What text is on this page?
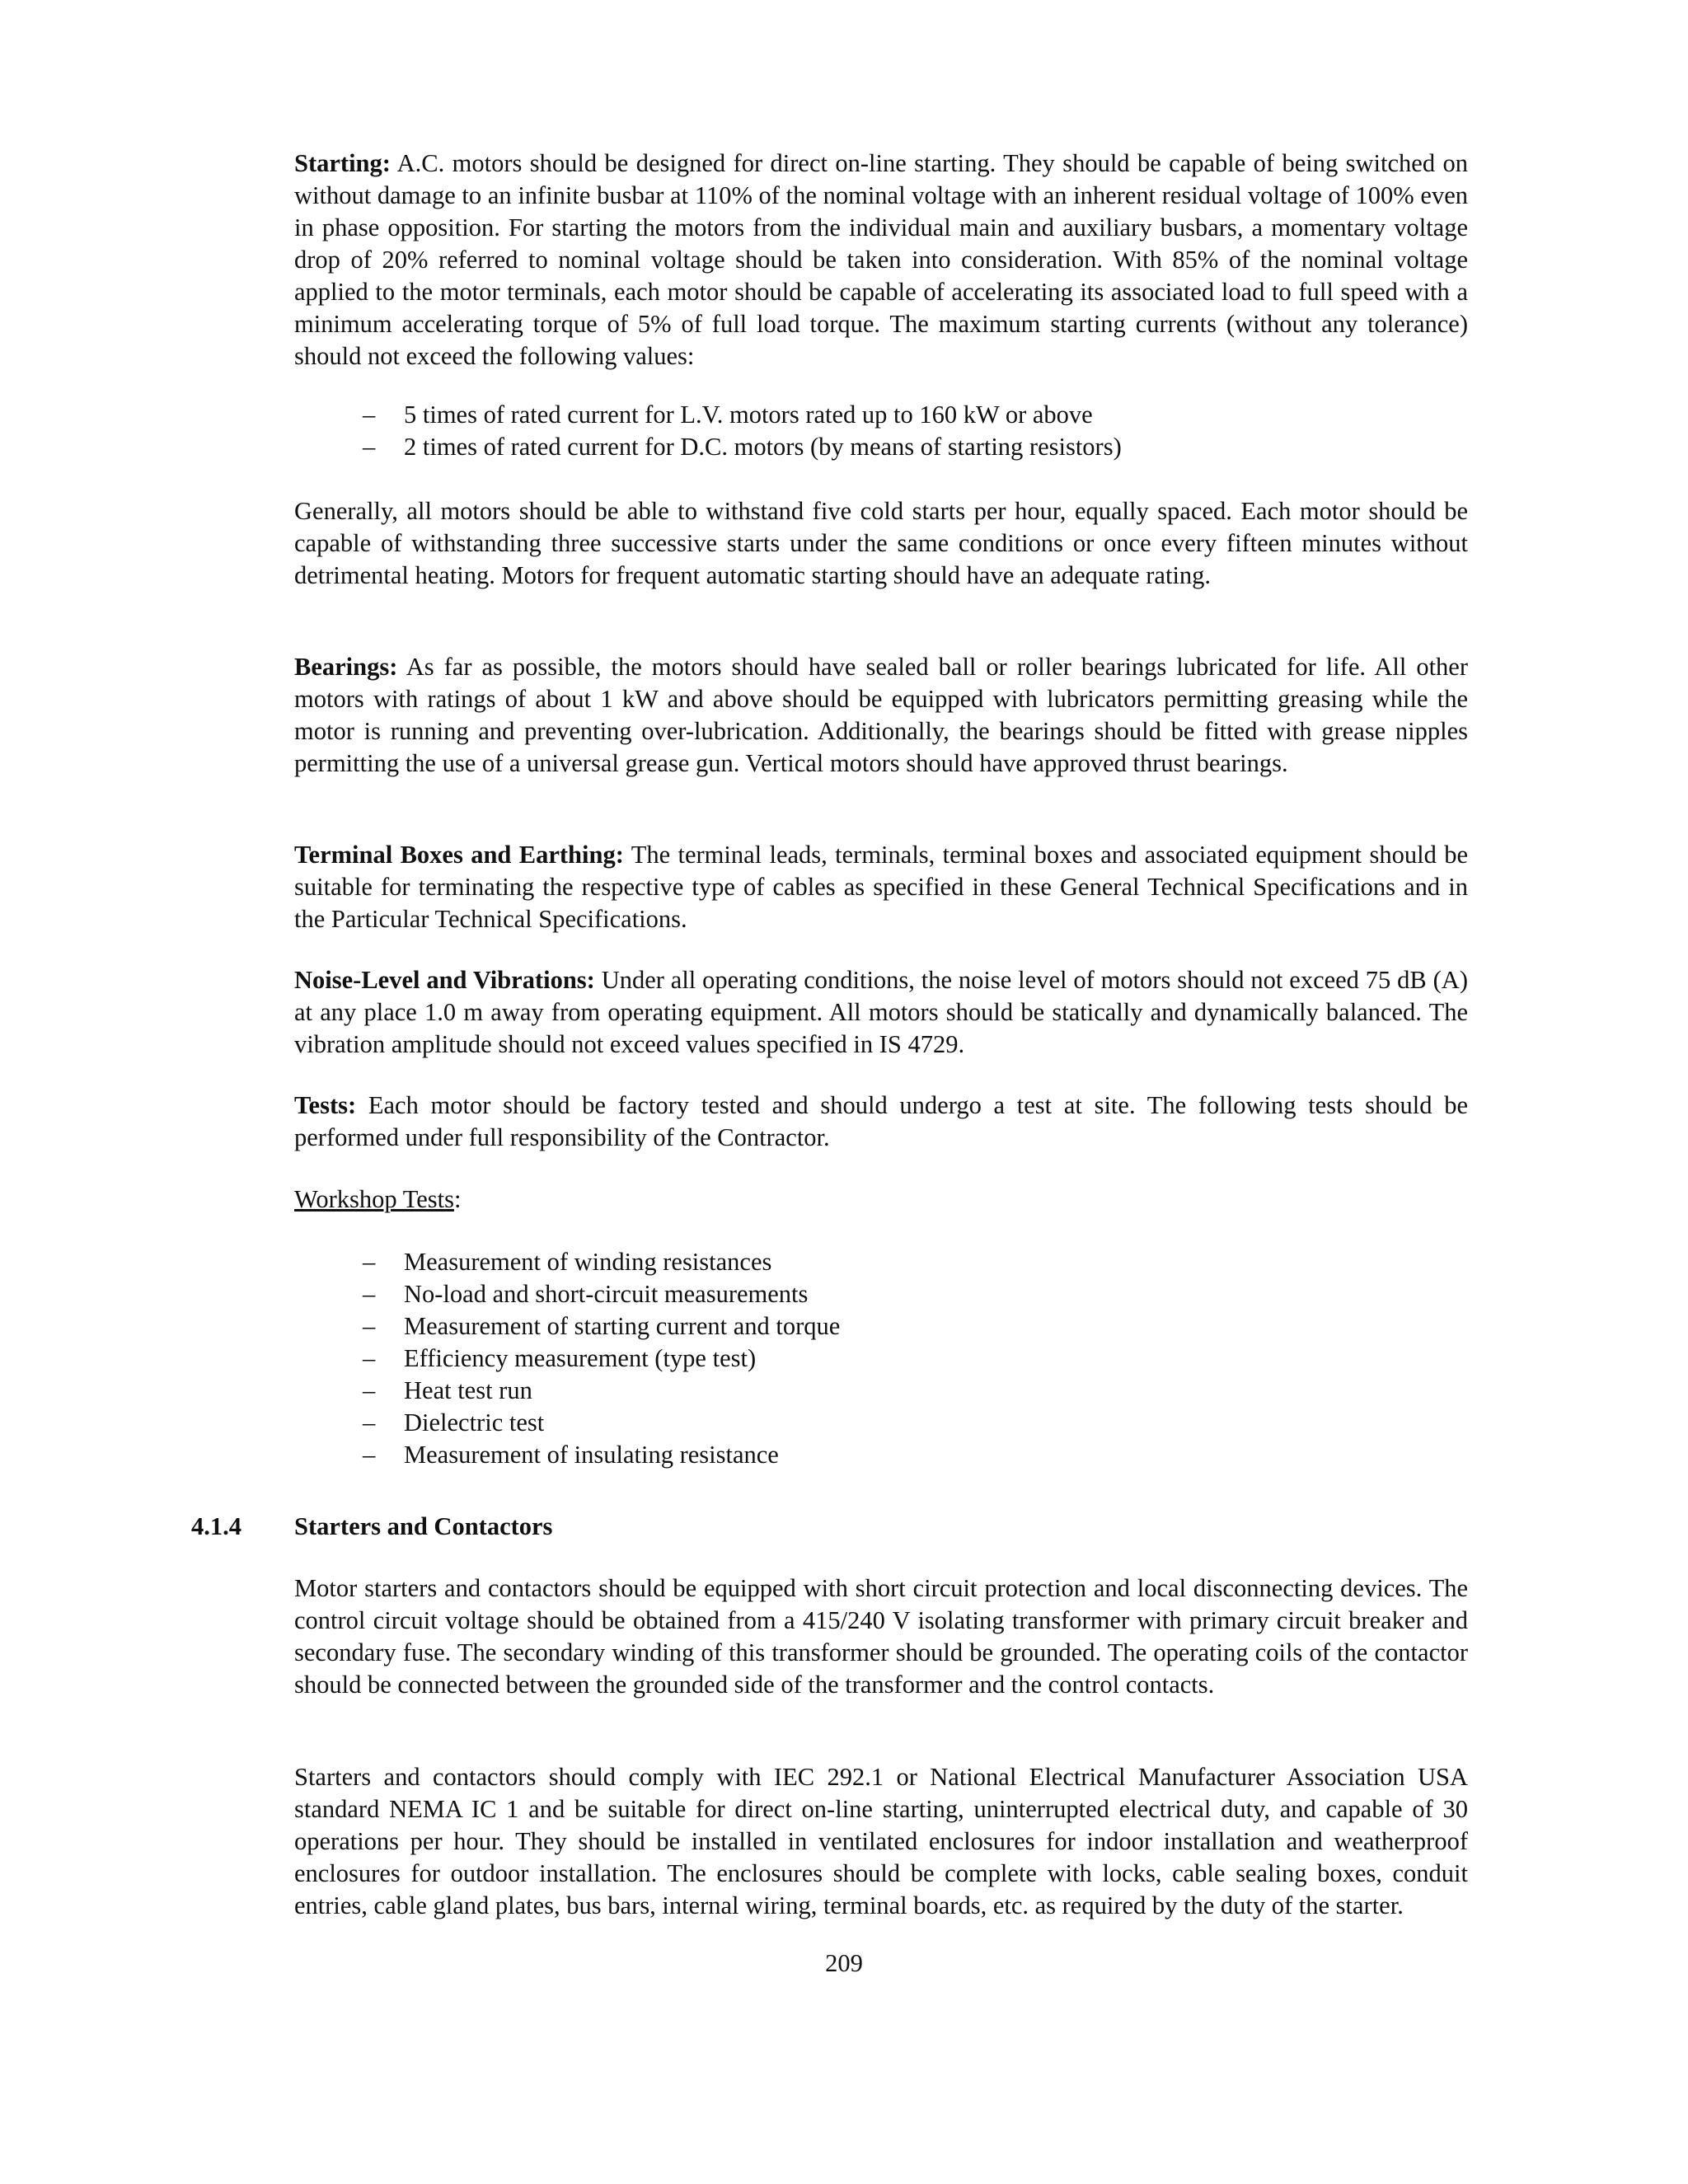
Starting: A.C. motors should be designed for direct on-line starting. They should be capable of being switched on without damage to an infinite busbar at 110% of the nominal voltage with an inherent residual voltage of 100% even in phase opposition. For starting the motors from the individual main and auxiliary busbars, a momentary voltage drop of 20% referred to nominal voltage should be taken into consideration. With 85% of the nominal voltage applied to the motor terminals, each motor should be capable of accelerating its associated load to full speed with a minimum accelerating torque of 5% of full load torque. The maximum starting currents (without any tolerance) should not exceed the following values:

– 5 times of rated current for L.V. motors rated up to 160 kW or above
– 2 times of rated current for D.C. motors (by means of starting resistors)

Generally, all motors should be able to withstand five cold starts per hour, equally spaced. Each motor should be capable of withstanding three successive starts under the same conditions or once every fifteen minutes without detrimental heating. Motors for frequent automatic starting should have an adequate rating.

Bearings: As far as possible, the motors should have sealed ball or roller bearings lubricated for life. All other motors with ratings of about 1 kW and above should be equipped with lubricators permitting greasing while the motor is running and preventing over-lubrication. Additionally, the bearings should be fitted with grease nipples permitting the use of a universal grease gun. Vertical motors should have approved thrust bearings.

Terminal Boxes and Earthing: The terminal leads, terminals, terminal boxes and associated equipment should be suitable for terminating the respective type of cables as specified in these General Technical Specifications and in the Particular Technical Specifications.

Noise-Level and Vibrations: Under all operating conditions, the noise level of motors should not exceed 75 dB (A) at any place 1.0 m away from operating equipment. All motors should be statically and dynamically balanced. The vibration amplitude should not exceed values specified in IS 4729.

Tests: Each motor should be factory tested and should undergo a test at site. The following tests should be performed under full responsibility of the Contractor.

Workshop Tests:

– Measurement of winding resistances
– No-load and short-circuit measurements
– Measurement of starting current and torque
– Efficiency measurement (type test)
– Heat test run
– Dielectric test
– Measurement of insulating resistance
4.1.4 Starters and Contactors

Motor starters and contactors should be equipped with short circuit protection and local disconnecting devices. The control circuit voltage should be obtained from a 415/240 V isolating transformer with primary circuit breaker and secondary fuse. The secondary winding of this transformer should be grounded. The operating coils of the contactor should be connected between the grounded side of the transformer and the control contacts.

Starters and contactors should comply with IEC 292.1 or National Electrical Manufacturer Association USA standard NEMA IC 1 and be suitable for direct on-line starting, uninterrupted electrical duty, and capable of 30 operations per hour. They should be installed in ventilated enclosures for indoor installation and weatherproof enclosures for outdoor installation. The enclosures should be complete with locks, cable sealing boxes, conduit entries, cable gland plates, bus bars, internal wiring, terminal boards, etc. as required by the duty of the starter.

209
